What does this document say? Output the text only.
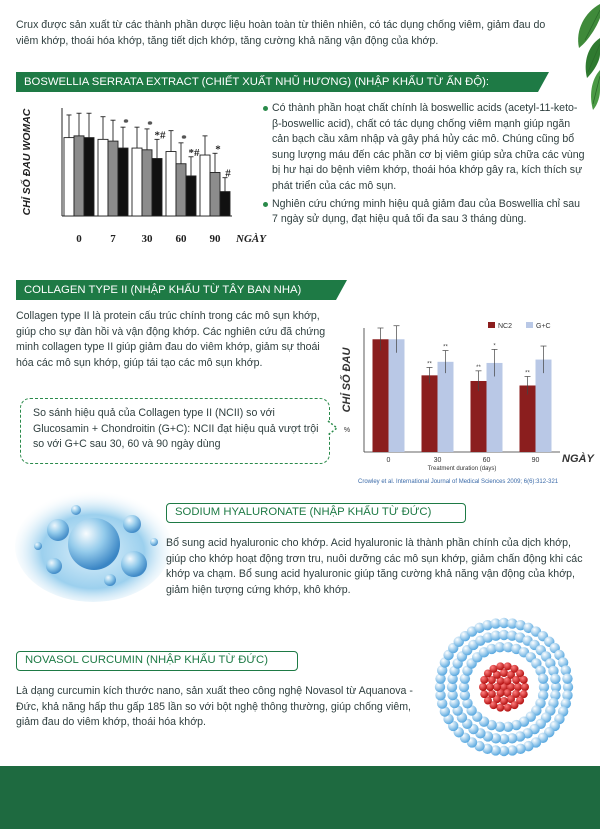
Crux được sản xuất từ các thành phần dược liệu hoàn toàn từ thiên nhiên, có tác dụng chống viêm, giảm đau do viêm khớp, thoái hóa khớp, tăng tiết dịch khớp, tăng cường khả năng vận động của khớp.
BOSWELLIA SERRATA EXTRACT (CHIẾT XUẤT NHŨ HƯƠNG) (NHẬP KHẨU TỪ ẤN ĐỘ):
CHỈ SỐ ĐAU WOMAC
0
*
7
*
*#
30
*
*#
60
*
#
90 NGÀY
Có thành phần hoạt chất chính là boswellic acids (acetyl-11-keto-β-boswellic acid), chất có tác dụng chống viêm mạnh giúp ngăn cản bạch cầu xâm nhập và gây phá hủy các mô. Chúng cũng bổ sung lượng máu đến các phần cơ bị viêm giúp sửa chữa các vùng bị hư hại do bệnh viêm khớp, thoái hóa khớp gây ra, kích thích sự phát triển của các mô sụn.
Nghiên cứu chứng minh hiệu quả giảm đau của Boswellia chỉ sau 7 ngày sử dụng, đạt hiệu quả tối đa sau 3 tháng dùng.
COLLAGEN TYPE II (NHẬP KHẨU TỪ TÂY BAN NHA)
Collagen type II là protein cấu trúc chính trong các mô sụn khớp, giúp cho sự đàn hồi và vận động khớp. Các nghiên cứu đã chứng minh collagen type II giúp giảm đau do viêm khớp, giảm sự thoái hóa các mô sụn khớp, giúp tái tạo các mô sụn khớp.
So sánh hiệu quả của Collagen type II (NCII) so với Glucosamin + Chondroitin (G+C): NCII đạt hiệu quả vượt trội so với G+C sau 30, 60 và 90 ngày dùng
CHỈ SỐ ĐAU
%
NC2	G+C
0
**
**
30
**
*
60
**
90
Treatment duration (days)
NGÀY
Crowley et al. International Journal of Medical Sciences 2009; 6(6):312-321
SODIUM HYALURONATE (NHẬP KHẨU TỪ ĐỨC)
Bổ sung acid hyaluronic cho khớp. Acid hyaluronic là thành phần chính của dịch khớp, giúp cho khớp hoạt động trơn tru, nuôi dưỡng các mô sụn khớp, giảm chấn động khi các khớp va chạm. Bổ sung acid hyaluronic giúp tăng cường khả năng vận động của khớp, giảm hiện tượng cứng khớp, khô khớp.
NOVASOL CURCUMIN (NHẬP KHẨU TỪ ĐỨC)
Là dạng curcumin kích thước nano, sản xuất theo công nghệ Novasol từ Aquanova - Đức, khả năng hấp thu gấp 185 lần so với bột nghệ thông thường, giúp chống viêm, giảm đau do viêm khớp, thoái hóa khớp.
